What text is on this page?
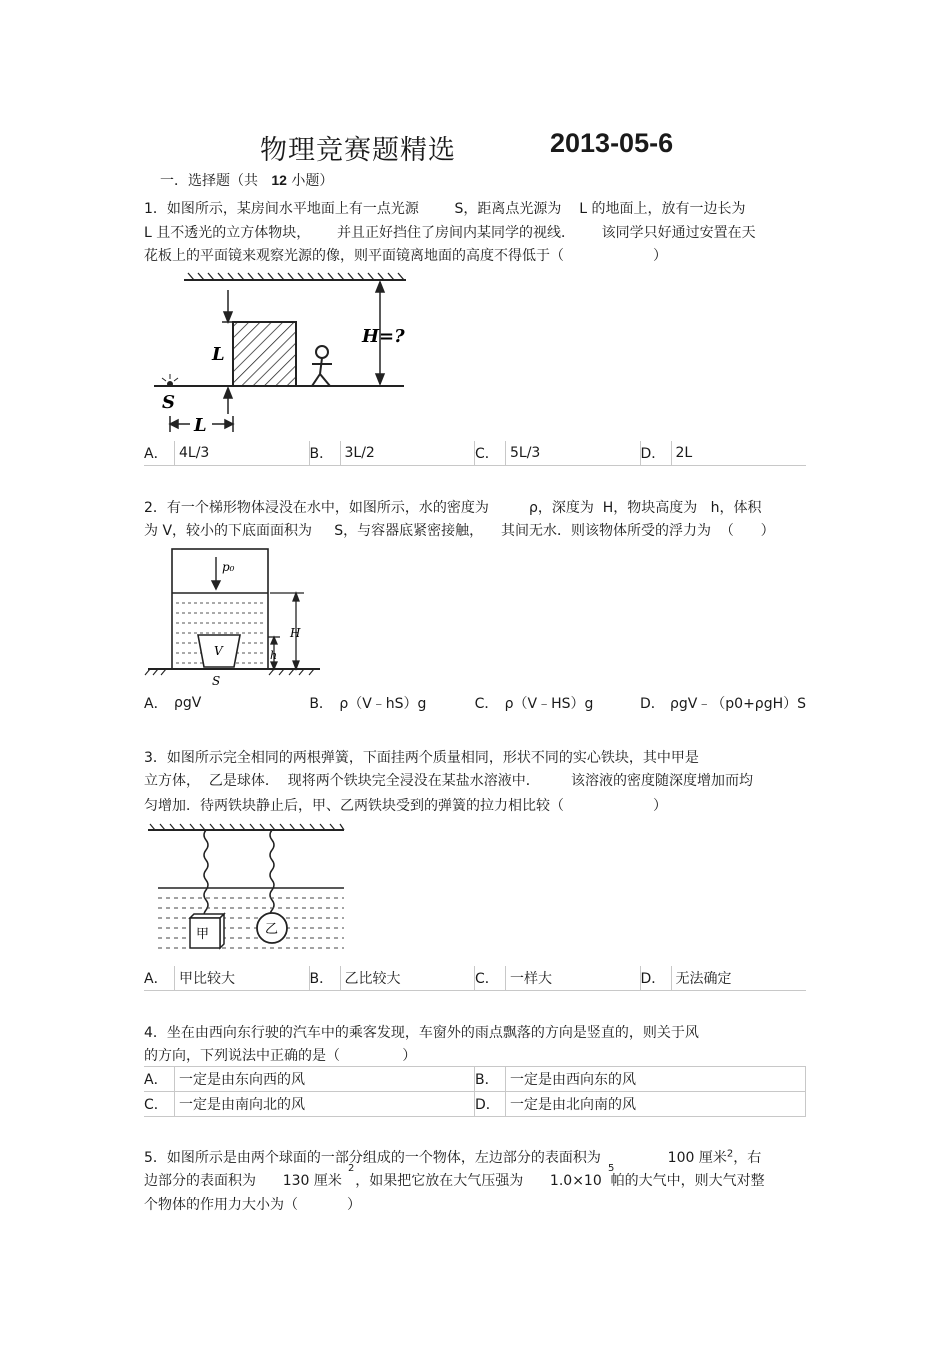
物理竞赛题精选	2013-05-6
一．选择题（共 12 小题）
1．如图所示，某房间水平地面上有一点光源        S，距离点光源为    L 的地面上，放有一边长为
L 且不透光的立方体物块，      并且正好挡住了房间内某同学的视线．      该同学只好通过安置在天
花板上的平面镜来观察光源的像，则平面镜离地面的高度不得低于（                    ）
L
H=?
S
L
A． 4L/3	B． 3L/2	C． 5L/3	D． 2L
2．有一个梯形物体浸没在水中，如图所示，水的密度为         ρ，深度为  H，物块高度为   h，体积
为 V，较小的下底面面积为     S，与容器底紧密接触，    其间无水．则该物体所受的浮力为  （      ）
V
p₀
H
h
S
A． ρgV	B． ρ（V﹣hS）g	C． ρ（V﹣HS）g	D． ρgV﹣（p0+ρgH）S
3．如图所示完全相同的两根弹簧，下面挂两个质量相同，形状不同的实心铁块，其中甲是
立方体，  乙是球体．  现将两个铁块完全浸没在某盐水溶液中．       该溶液的密度随深度增加而均
匀增加．待两铁块静止后，甲、乙两铁块受到的弹簧的拉力相比较（                    ）
甲	乙
A． 甲比较大	B． 乙比较大	C． 一样大	D． 无法确定
4．坐在由西向东行驶的汽车中的乘客发现，车窗外的雨点飘落的方向是竖直的，则关于风
的方向，下列说法中正确的是（              ）
A． 一定是由东向西的风	B． 一定是由西向东的风
C． 一定是由南向北的风	D． 一定是由北向南的风
5．如图所示是由两个球面的一部分组成的一个物体，左边部分的表面积为               100 厘米$^2$，右
边部分的表面积为      130 厘米   ，如果把它放在大气压强为      1.0×10  帕的大气中，则大气对整
2	5
个物体的作用力大小为（           ）
